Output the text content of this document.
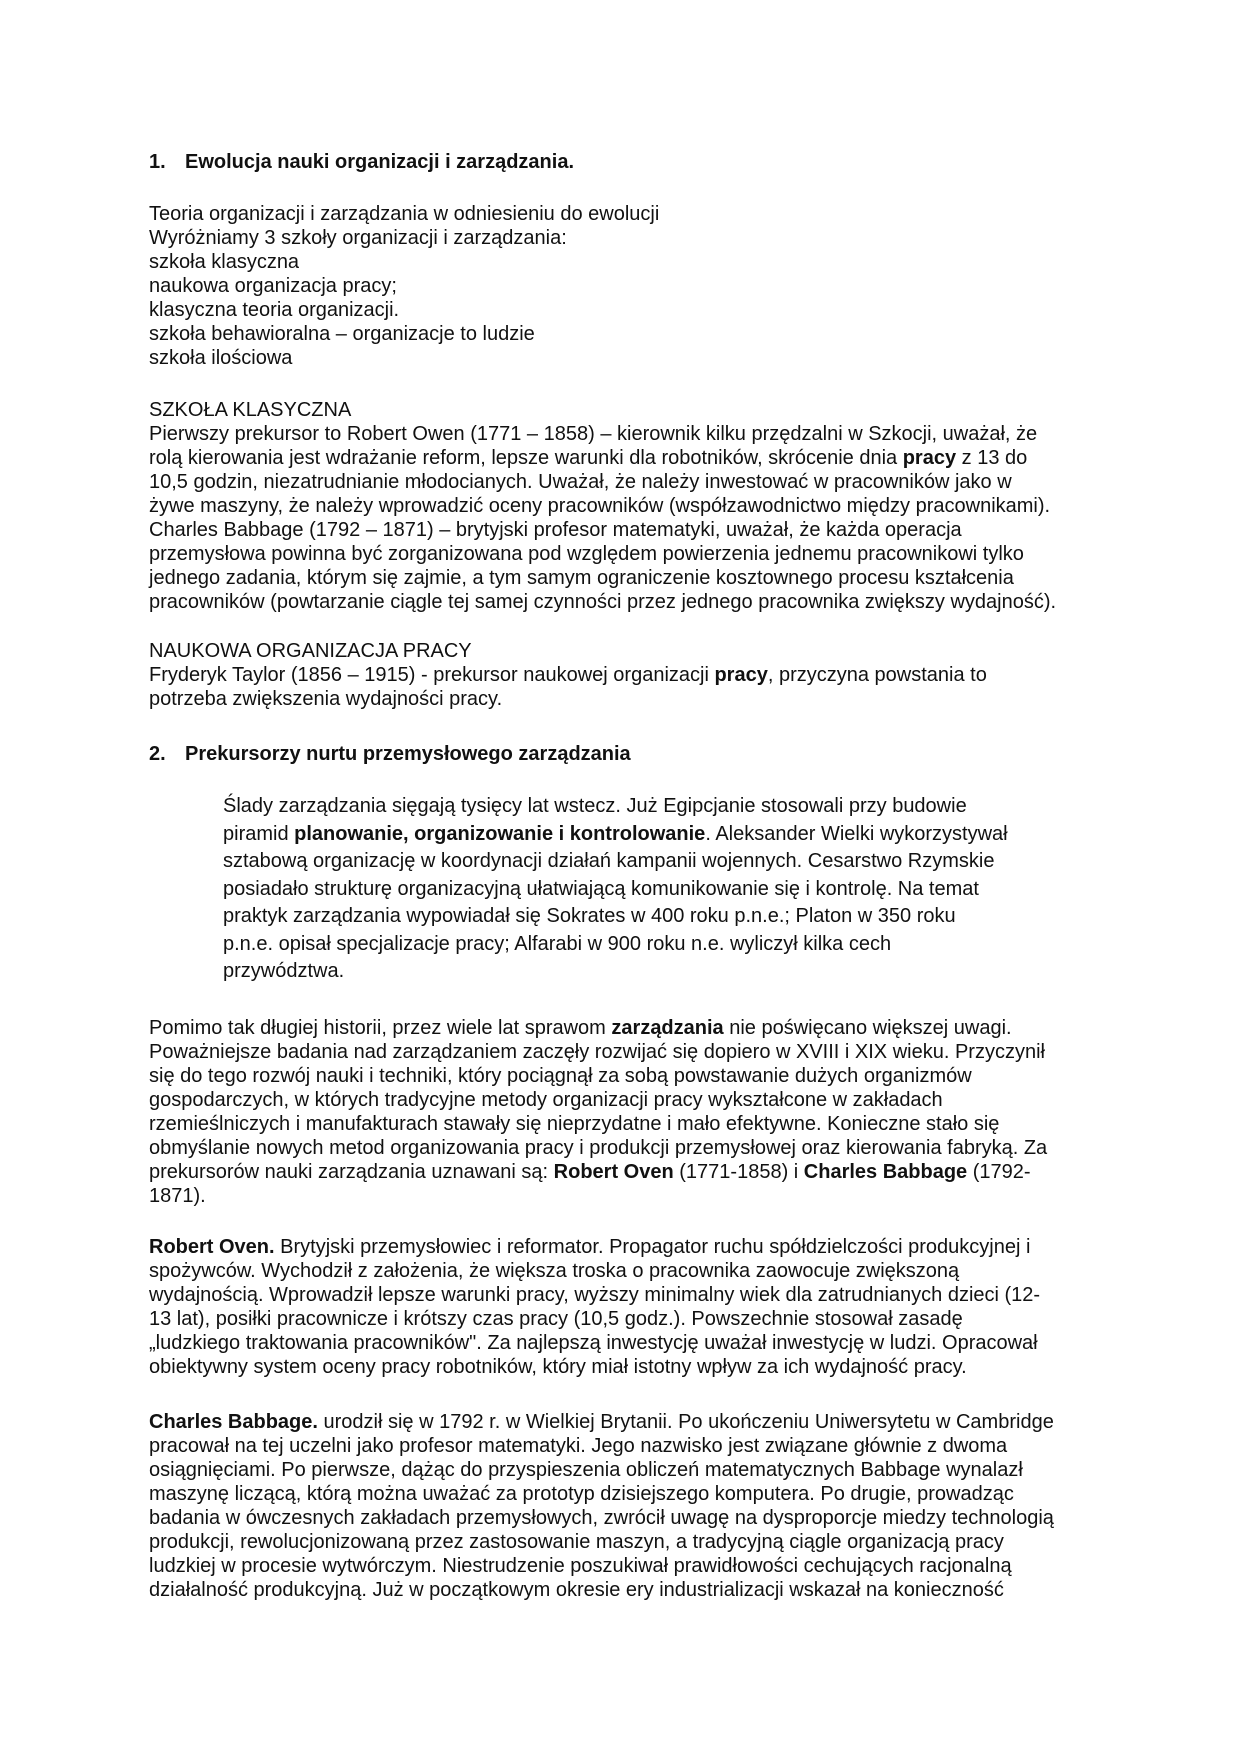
1. Ewolucja nauki organizacji i zarządzania.
Teoria organizacji i zarządzania w odniesieniu do ewolucji
Wyróżniamy 3 szkoły organizacji i zarządzania:
szkoła klasyczna
naukowa organizacja pracy;
klasyczna teoria organizacji.
szkoła behawioralna – organizacje to ludzie
szkoła ilościowa
SZKOŁA KLASYCZNA
Pierwszy prekursor to Robert Owen (1771 – 1858) – kierownik kilku przędzalni w Szkocji, uważał, że
rolą kierowania jest wdrażanie reform, lepsze warunki dla robotników, skrócenie dnia pracy z 13 do
10,5 godzin, niezatrudnianie młodocianych. Uważał, że należy inwestować w pracowników jako w
żywe maszyny, że należy wprowadzić oceny pracowników (współzawodnictwo między pracownikami).
Charles Babbage (1792 – 1871) – brytyjski profesor matematyki, uważał, że każda operacja
przemysłowa powinna być zorganizowana pod względem powierzenia jednemu pracownikowi tylko
jednego zadania, którym się zajmie, a tym samym ograniczenie kosztownego procesu kształcenia
pracowników (powtarzanie ciągle tej samej czynności przez jednego pracownika zwiększy wydajność).
NAUKOWA ORGANIZACJA PRACY
Fryderyk Taylor (1856 – 1915) - prekursor naukowej organizacji pracy, przyczyna powstania to
potrzeba zwiększenia wydajności pracy.
2. Prekursorzy nurtu przemysłowego zarządzania
Ślady zarządzania sięgają tysięcy lat wstecz. Już Egipcjanie stosowali przy budowie
piramid planowanie, organizowanie i kontrolowanie. Aleksander Wielki wykorzystywał
sztabową organizację w koordynacji działań kampanii wojennych. Cesarstwo Rzymskie
posiadało strukturę organizacyjną ułatwiającą komunikowanie się i kontrolę. Na temat
praktyk zarządzania wypowiadał się Sokrates w 400 roku p.n.e.; Platon w 350 roku
p.n.e. opisał specjalizacje pracy; Alfarabi w 900 roku n.e. wyliczył kilka cech
przywództwa.
Pomimo tak długiej historii, przez wiele lat sprawom zarządzania nie poświęcano większej uwagi.
Poważniejsze badania nad zarządzaniem zaczęły rozwijać się dopiero w XVIII i XIX wieku. Przyczynił
się do tego rozwój nauki i techniki, który pociągnął za sobą powstawanie dużych organizmów
gospodarczych, w których tradycyjne metody organizacji pracy wykształcone w zakładach
rzemieślniczych i manufakturach stawały się nieprzydatne i mało efektywne. Konieczne stało się
obmyślanie nowych metod organizowania pracy i produkcji przemysłowej oraz kierowania fabryką. Za
prekursorów nauki zarządzania uznawani są: Robert Oven (1771-1858) i Charles Babbage (1792-
1871).
Robert Oven. Brytyjski przemysłowiec i reformator. Propagator ruchu spółdzielczości produkcyjnej i
spożywców. Wychodził z założenia, że większa troska o pracownika zaowocuje zwiększoną
wydajnością. Wprowadził lepsze warunki pracy, wyższy minimalny wiek dla zatrudnianych dzieci (12-
13 lat), posiłki pracownicze i krótszy czas pracy (10,5 godz.). Powszechnie stosował zasadę
„ludzkiego traktowania pracowników". Za najlepszą inwestycję uważał inwestycję w ludzi. Opracował
obiektywny system oceny pracy robotników, który miał istotny wpływ za ich wydajność pracy.
Charles Babbage. urodził się w 1792 r. w Wielkiej Brytanii. Po ukończeniu Uniwersytetu w Cambridge
pracował na tej uczelni jako profesor matematyki. Jego nazwisko jest związane głównie z dwoma
osiągnięciami. Po pierwsze, dążąc do przyspieszenia obliczeń matematycznych Babbage wynalazł
maszynę liczącą, którą można uważać za prototyp dzisiejszego komputera. Po drugie, prowadząc
badania w ówczesnych zakładach przemysłowych, zwrócił uwagę na dysproporcje miedzy technologią
produkcji, rewolucjonizowaną przez zastosowanie maszyn, a tradycyjną ciągle organizacją pracy
ludzkiej w procesie wytwórczym. Niestrudzenie poszukiwał prawidłowości cechujących racjonalną
działalność produkcyjną. Już w początkowym okresie ery industrializacji wskazał na konieczność
